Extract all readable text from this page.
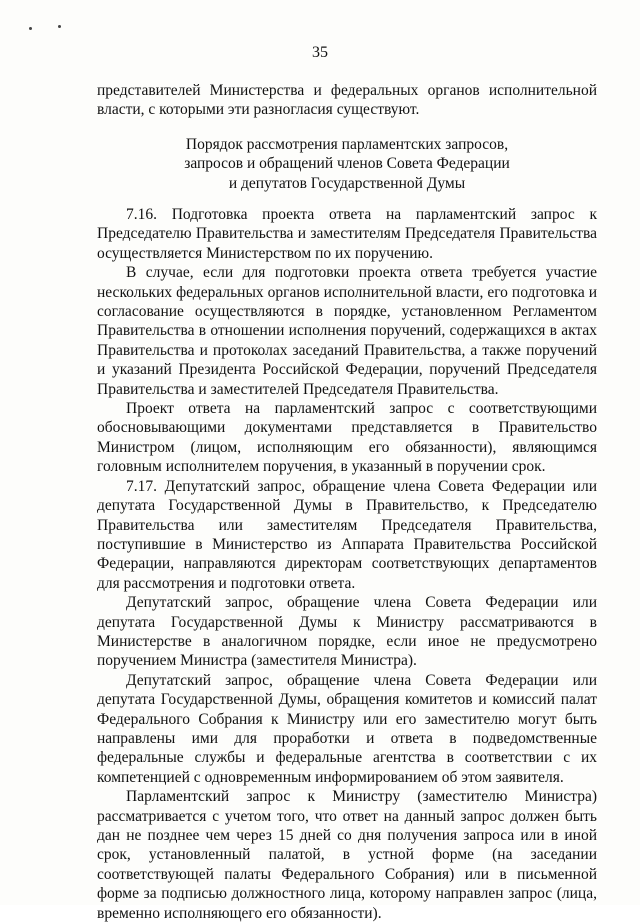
35

представителей Министерства и федеральных органов исполнительной власти, с которыми эти разногласия существуют.

Порядок рассмотрения парламентских запросов,
запросов и обращений членов Совета Федерации
и депутатов Государственной Думы

7.16. Подготовка проекта ответа на парламентский запрос к Председателю Правительства и заместителям Председателя Правительства осуществляется Министерством по их поручению.

В случае, если для подготовки проекта ответа требуется участие нескольких федеральных органов исполнительной власти, его подготовка и согласование осуществляются в порядке, установленном Регламентом Правительства в отношении исполнения поручений, содержащихся в актах Правительства и протоколах заседаний Правительства, а также поручений и указаний Президента Российской Федерации, поручений Председателя Правительства и заместителей Председателя Правительства.

Проект ответа на парламентский запрос с соответствующими обосновывающими документами представляется в Правительство Министром (лицом, исполняющим его обязанности), являющимся головным исполнителем поручения, в указанный в поручении срок.

7.17. Депутатский запрос, обращение члена Совета Федерации или депутата Государственной Думы в Правительство, к Председателю Правительства или заместителям Председателя Правительства, поступившие в Министерство из Аппарата Правительства Российской Федерации, направляются директорам соответствующих департаментов для рассмотрения и подготовки ответа.

Депутатский запрос, обращение члена Совета Федерации или депутата Государственной Думы к Министру рассматриваются в Министерстве в аналогичном порядке, если иное не предусмотрено поручением Министра (заместителя Министра).

Депутатский запрос, обращение члена Совета Федерации или депутата Государственной Думы, обращения комитетов и комиссий палат Федерального Собрания к Министру или его заместителю могут быть направлены ими для проработки и ответа в подведомственные федеральные службы и федеральные агентства в соответствии с их компетенцией с одновременным информированием об этом заявителя.

Парламентский запрос к Министру (заместителю Министра) рассматривается с учетом того, что ответ на данный запрос должен быть дан не позднее чем через 15 дней со дня получения запроса или в иной срок, установленный палатой, в устной форме (на заседании соответствующей палаты Федерального Собрания) или в письменной форме за подписью должностного лица, которому направлен запрос (лица, временно исполняющего его обязанности).
